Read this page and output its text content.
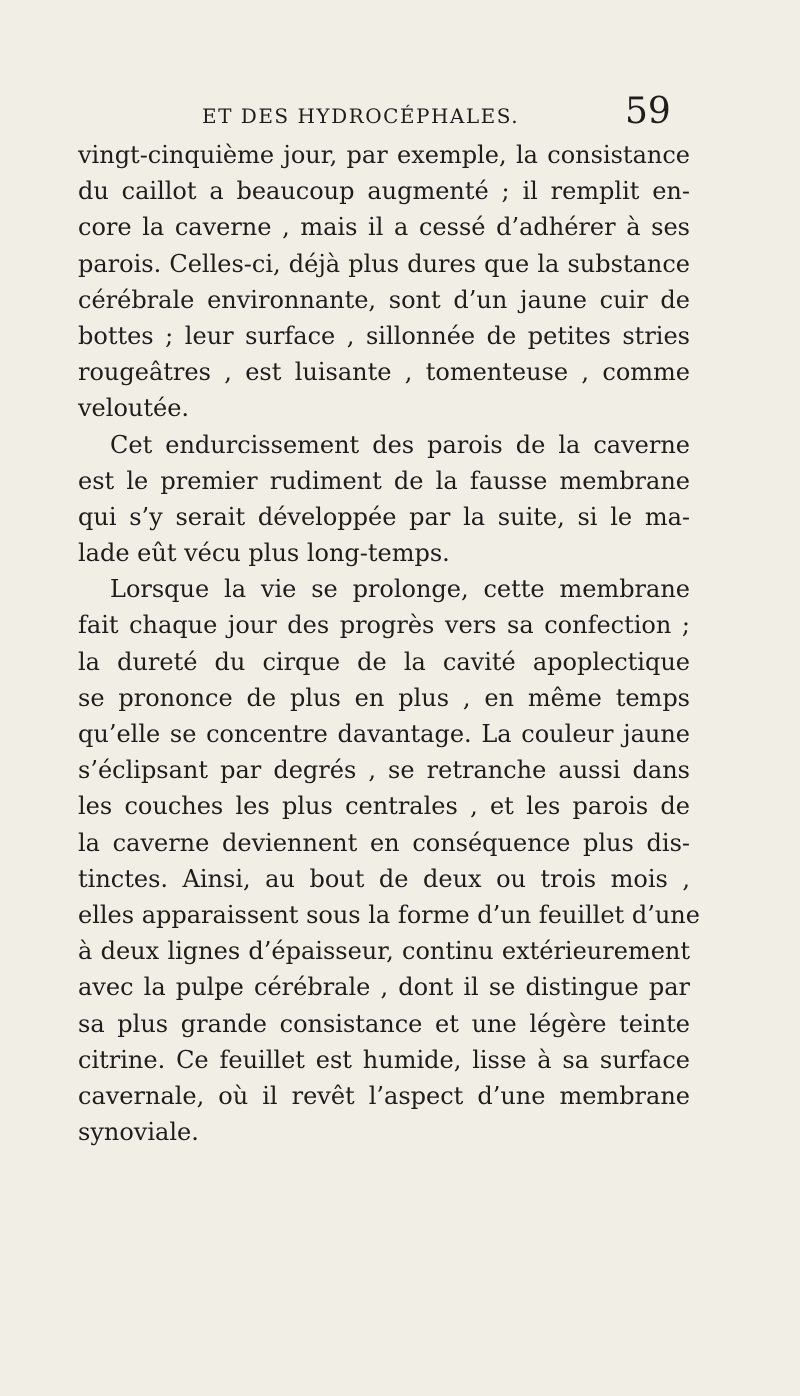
ET DES HYDROCÉPHALES.	59
vingt-cinquième jour, par exemple, la consistance
du caillot a beaucoup augmenté ; il remplit en-
core la caverne , mais il a cessé d’adhérer à ses
parois. Celles-ci, déjà plus dures que la substance
cérébrale environnante, sont d’un jaune cuir de
bottes ; leur surface , sillonnée de petites stries
rougeâtres , est luisante , tomenteuse , comme
veloutée.
Cet endurcissement des parois de la caverne
est le premier rudiment de la fausse membrane
qui s’y serait développée par la suite, si le ma-
lade eût vécu plus long-temps.
Lorsque la vie se prolonge, cette membrane
fait chaque jour des progrès vers sa confection ;
la dureté du cirque de la cavité apoplectique
se prononce de plus en plus , en même temps
qu’elle se concentre davantage. La couleur jaune
s’éclipsant par degrés , se retranche aussi dans
les couches les plus centrales , et les parois de
la caverne deviennent en conséquence plus dis-
tinctes. Ainsi, au bout de deux ou trois mois ,
elles apparaissent sous la forme d’un feuillet d’une
à deux lignes d’épaisseur, continu extérieurement
avec la pulpe cérébrale , dont il se distingue par
sa plus grande consistance et une légère teinte
citrine. Ce feuillet est humide, lisse à sa surface
cavernale, où il revêt l’aspect d’une membrane
synoviale.
